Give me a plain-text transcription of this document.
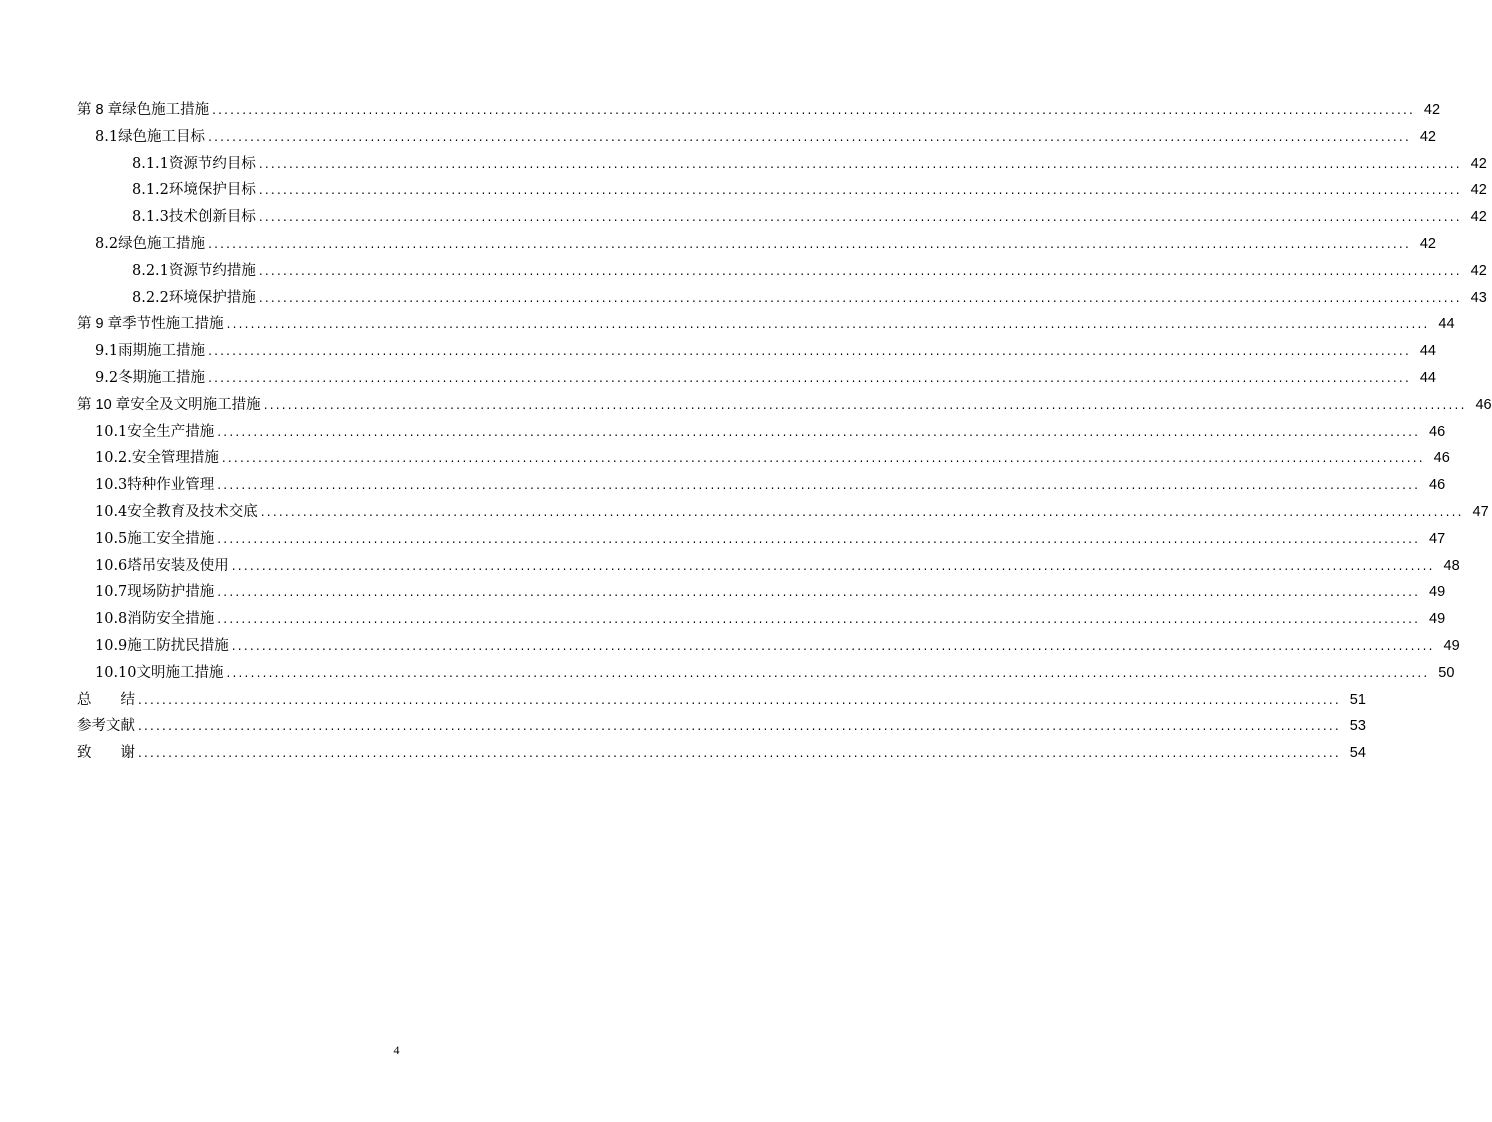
第 8 章 绿色施工措施 ........................................................................................................................................................................................................ 42
8.1 绿色施工目标 ........................................................................................................................................................................................................ 42
8.1.1 资源节约目标 ........................................................................................................................................................................................................ 42
8.1.2 环境保护目标 ........................................................................................................................................................................................................ 42
8.1.3 技术创新目标 ........................................................................................................................................................................................................ 42
8.2 绿色施工措施 ........................................................................................................................................................................................................ 42
8.2.1 资源节约措施 ........................................................................................................................................................................................................ 42
8.2.2 环境保护措施 ........................................................................................................................................................................................................ 43
第 9 章 季节性施工措施 ........................................................................................................................................................................................................ 44
9.1 雨期施工措施 ........................................................................................................................................................................................................ 44
9.2 冬期施工措施 ........................................................................................................................................................................................................ 44
第 10 章 安全及文明施工措施 ........................................................................................................................................................................................................ 46
10.1 安全生产措施 ........................................................................................................................................................................................................ 46
10.2. 安全管理措施 ........................................................................................................................................................................................................ 46
10.3 特种作业管理 ........................................................................................................................................................................................................ 46
10.4 安全教育及技术交底 ........................................................................................................................................................................................................ 47
10.5 施工安全措施 ........................................................................................................................................................................................................ 47
10.6 塔吊安装及使用 ........................................................................................................................................................................................................ 48
10.7 现场防护措施 ........................................................................................................................................................................................................ 49
10.8 消防安全措施 ........................................................................................................................................................................................................ 49
10.9 施工防扰民措施 ........................................................................................................................................................................................................ 49
10.10 文明施工措施 ........................................................................................................................................................................................................ 50
总　　结 ........................................................................................................................................................................................................ 51
参考文献 ........................................................................................................................................................................................................ 53
致　　谢 ........................................................................................................................................................................................................ 54
4
